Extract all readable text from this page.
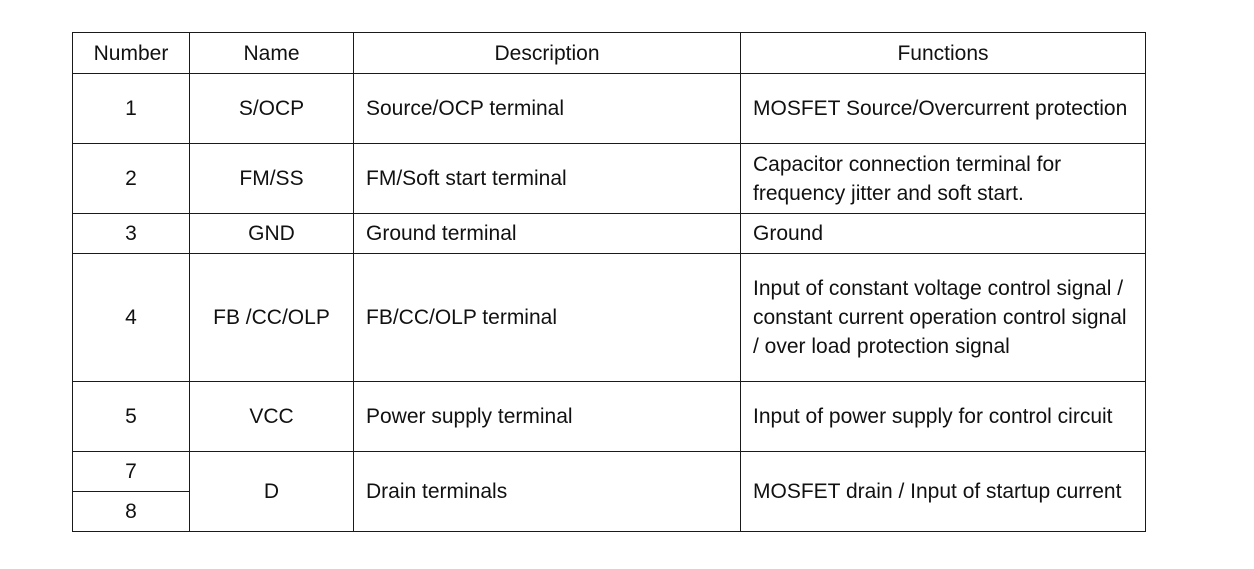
Number	Name	Description	Functions
1	S/OCP	Source/OCP terminal	MOSFET Source/Overcurrent protection
2	FM/SS	FM/Soft start terminal	Capacitor connection terminal for frequency jitter and soft start.
3	GND	Ground terminal	Ground
4	FB /CC/OLP	FB/CC/OLP terminal	Input of constant voltage control signal / constant current operation control signal / over load protection signal
5	VCC	Power supply terminal	Input of power supply for control circuit
7	D	Drain terminals	MOSFET drain / Input of startup current
8			
